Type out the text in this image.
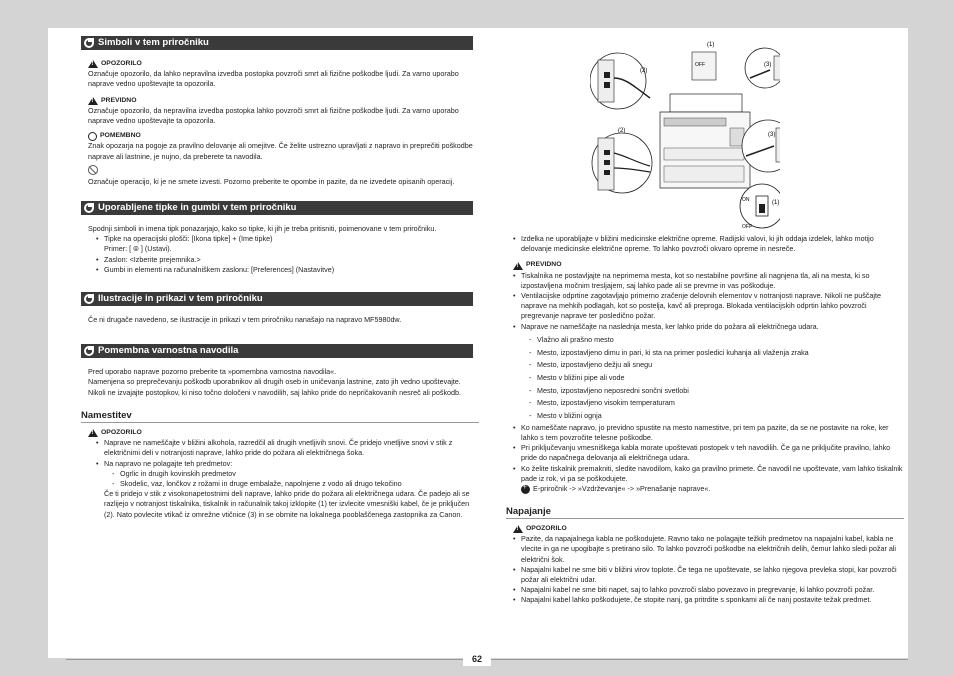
Simboli v tem priročniku
!
OPOZORILO
Označuje opozorilo, da lahko nepravilna izvedba postopka povzroči smrt ali fizične poškodbe ljudi. Za varno uporabo naprave vedno upoštevajte ta opozorila.
!
PREVIDNO
Označuje opozorilo, da nepravilna izvedba postopka lahko povzroči smrt ali fizične poškodbe ljudi. Za varno uporabo naprave vedno upoštevajte ta opozorila.
POMEMBNO
Znak opozarja na pogoje za pravilno delovanje ali omejitve. Če želite ustrezno upravljati z napravo in preprečiti poškodbe naprave ali lastnine, je nujno, da preberete ta navodila.
Označuje operacijo, ki je ne smete izvesti. Pozorno preberite te opombe in pazite, da ne izvedete opisanih operacij.
Uporabljene tipke in gumbi v tem priročniku
Spodnji simboli in imena tipk ponazarjajo, kako so tipke, ki jih je treba pritisniti, poimenovane v tem priročniku.
• Tipke na operacijski plošči: [Ikona tipke] + (Ime tipke)
Primer: [ ⦾ ] (Ustavi).
• Zaslon: <Izberite prejemnika.>
• Gumbi in elementi na računalniškem zaslonu: [Preferences] (Nastavitve)
Ilustracije in prikazi v tem priročniku
Če ni drugače navedeno, se ilustracije in prikazi v tem priročniku nanašajo na napravo MF5980dw.
Pomembna varnostna navodila
Pred uporabo naprave pozorno preberite ta »pomembna varnostna navodila«.
Namenjena so preprečevanju poškodb uporabnikov ali drugih oseb in uničevanja lastnine, zato jih vedno upoštevajte.
Nikoli ne izvajajte postopkov, ki niso točno določeni v navodilih, saj lahko pride do nepričakovanih nesreč ali poškodb.
Namestitev
!
OPOZORILO
• Naprave ne nameščajte v bližini alkohola, razredčil ali drugih vnetljivih snovi. Če pridejo vnetljive snovi v stik z električnimi deli v notranjosti naprave, lahko pride do požara ali električnega šoka.
• Na napravo ne polagajte teh predmetov:
- Ogrlic in drugih kovinskih predmetov
- Skodelic, vaz, lončkov z rožami in druge embalaže, napolnjene z vodo ali drugo tekočino
Če ti pridejo v stik z visokonapetostnimi deli naprave, lahko pride do požara ali električnega udara. Če padejo ali se razlijejo v notranjost tiskalnika, tiskalnik in računalnik takoj izklopite (1) ter izvlecite vmesniški kabel, če je priključen (2). Nato povlecite vtikač iz omrežne vtičnice (3) in se obrnite na lokalnega pooblaščenega zastopnika za Canon.
• Izdelka ne uporabljajte v bližini medicinske električne opreme. Radijski valovi, ki jih oddaja izdelek, lahko motijo delovanje medicinske električne opreme. To lahko povzroči okvaro opreme in nesreče.
!
PREVIDNO
• Tiskalnika ne postavljajte na neprimerna mesta, kot so nestabilne površine ali nagnjena tla, ali na mesta, ki so izpostavljena močnim tresljajem, saj lahko pade ali se prevrne in vas poškoduje.
• Ventilacijske odprtine zagotavljajo primerno zračenje delovnih elementov v notranjosti naprave. Nikoli ne puščajte naprave na mehkih podlagah, kot so postelja, kavč ali preproga. Blokada ventilacijskih odprtin lahko povzroči pregrevanje naprave ter posledično požar.
• Naprave ne nameščajte na naslednja mesta, ker lahko pride do požara ali električnega udara.
- Vlažno ali prašno mesto
- Mesto, izpostavljeno dimu in pari, ki sta na primer posledici kuhanja ali vlaženja zraka
- Mesto, izpostavljeno dežju ali snegu
- Mesto v bližini pipe ali vode
- Mesto, izpostavljeno neposredni sončni svetlobi
- Mesto, izpostavljeno visokim temperaturam
- Mesto v bližini ognja
• Ko nameščate napravo, jo previdno spustite na mesto namestitve, pri tem pa pazite, da se ne postavite na roke, ker lahko s tem povzročite telesne poškodbe.
• Pri priključevanju vmesniškega kabla morate upoštevati postopek v teh navodilih. Če ga ne priključite pravilno, lahko pride do napačnega delovanja ali električnega udara.
• Ko želite tiskalnik premakniti, sledite navodilom, kako ga pravilno primete. Če navodil ne upoštevate, vam lahko tiskalnik pade iz rok, vi pa se poškodujete.

+
E-priročnik -> »Vzdrževanje« -> »Prenašanje naprave«.
Napajanje
!
OPOZORILO
• Pazite, da napajalnega kabla ne poškodujete. Ravno tako ne polagajte težkih predmetov na napajalni kabel, kabla ne vlecite in ga ne upogibajte s pretirano silo. To lahko povzroči poškodbe na električnih delih, čemur lahko sledi požar ali električni šok.
• Napajalni kabel ne sme biti v bližini virov toplote. Če tega ne upoštevate, se lahko njegova prevleka stopi, kar povzroči požar ali električni udar.
• Napajalni kabel ne sme biti napet, saj to lahko povzroči slabo povezavo in pregrevanje, ki lahko povzroči požar.
• Napajalni kabel lahko poškodujete, če stopite nanj, ga pritrdite s sponkami ali če nanj postavite težak predmet.
(2)
OFF
(1)
(3)
(2)
(3)
ON
OFF
(1)
62
